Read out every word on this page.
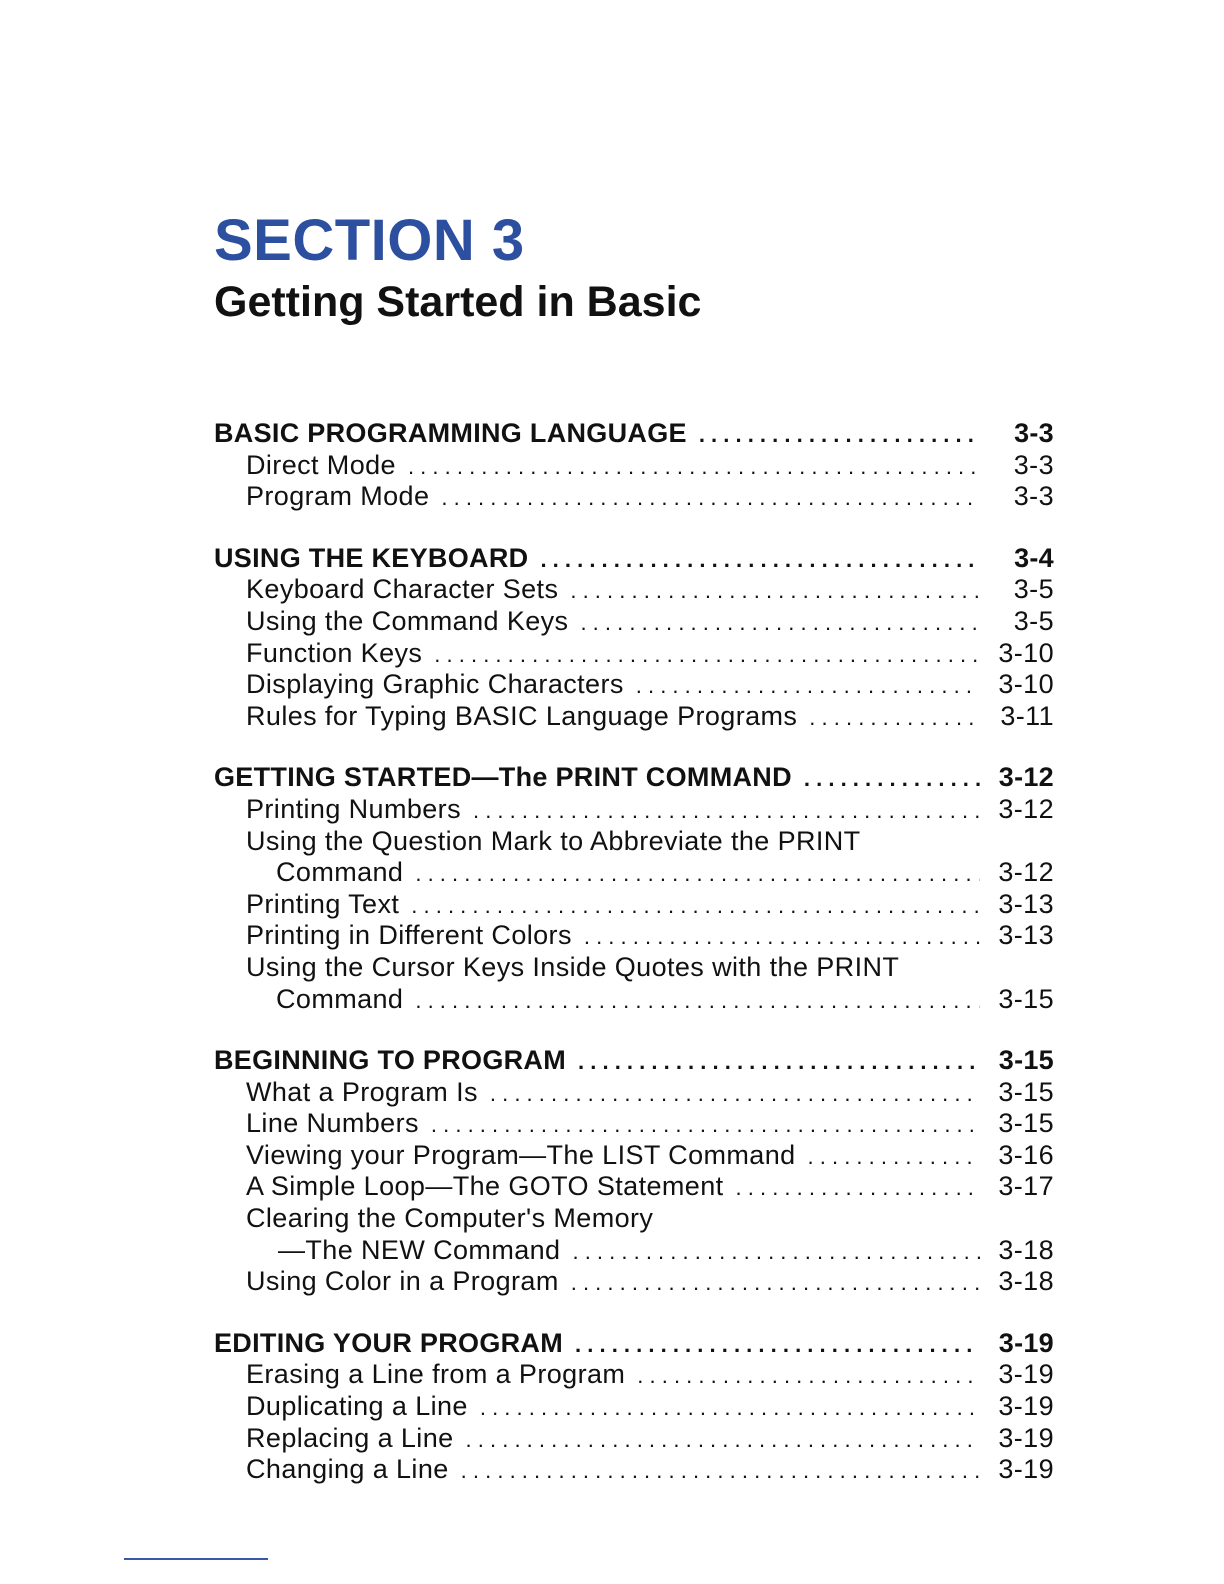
SECTION 3
Getting Started in Basic
BASIC PROGRAMMING LANGUAGE . . .	3-3
Direct Mode . . .	3-3
Program Mode . . .	3-3
USING THE KEYBOARD . . .	3-4
Keyboard Character Sets . . .	3-5
Using the Command Keys . . .	3-5
Function Keys . . .	3-10
Displaying Graphic Characters . . .	3-10
Rules for Typing BASIC Language Programs . . .	3-11
GETTING STARTED—The PRINT COMMAND . . .	3-12
Printing Numbers . . .	3-12
Using the Question Mark to Abbreviate the PRINT
Command . . .	3-12
Printing Text . . .	3-13
Printing in Different Colors . . .	3-13
Using the Cursor Keys Inside Quotes with the PRINT
Command . . .	3-15
BEGINNING TO PROGRAM . . .	3-15
What a Program Is . . .	3-15
Line Numbers . . .	3-15
Viewing your Program—The LIST Command . . .	3-16
A Simple Loop—The GOTO Statement . . .	3-17
Clearing the Computer's Memory
—The NEW Command . . .	3-18
Using Color in a Program . . .	3-18
EDITING YOUR PROGRAM . . .	3-19
Erasing a Line from a Program . . .	3-19
Duplicating a Line . . .	3-19
Replacing a Line . . .	3-19
Changing a Line . . .	3-19
